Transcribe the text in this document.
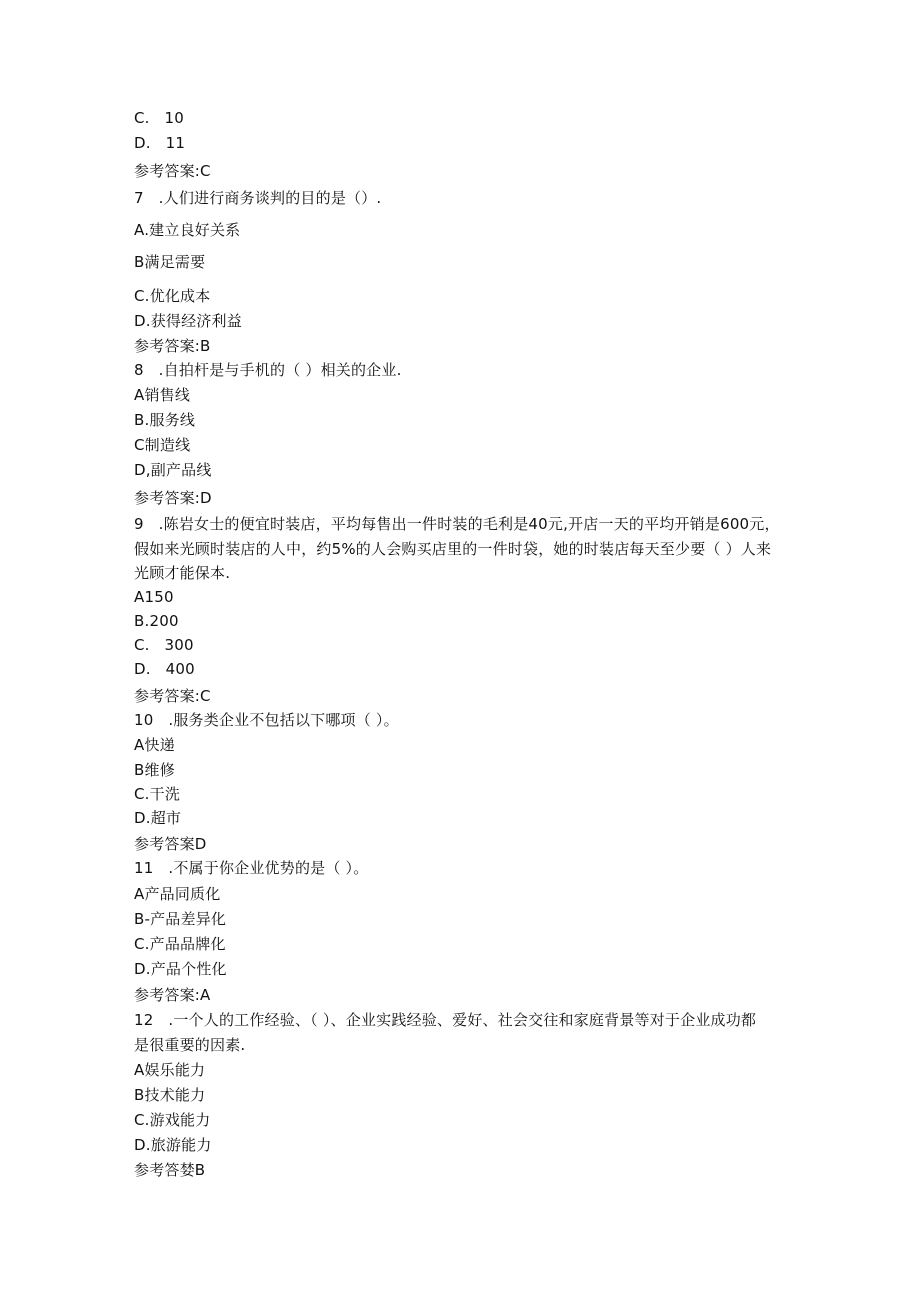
C.   10
D.   11
参考答案:C
7   .人们进行商务谈判的目的是（）.
A.建立良好关系
B满足需要
C.优化成本
D.获得经济利益
参考答案:B
8   .自拍杆是与手机的（ ）相关的企业.
A销售线
B.服务线
C制造线
D,副产品线
参考答案:D
9   .陈岩女士的便宜时装店，平均每售出一件时装的毛利是40元,开店一天的平均开销是600元，
假如来光顾时装店的人中，约5%的人会购买店里的一件时袋，她的时装店每天至少要（ ）人来
光顾才能保本.
A150
B.200
C.   300
D.   400
参考答案:C
10   .服务类企业不包括以下哪项（ ）。
A快递
B维修
C.干洗
D.超市
参考答案D
11   .不属于你企业优势的是（ ）。
A产品同质化
B-产品差异化
C.产品品牌化
D.产品个性化
参考答案:A
12   .一个人的工作经验、（ ）、企业实践经验、爱好、社会交往和家庭背景等对于企业成功都
是很重要的因素.
A娱乐能力
B技术能力
C.游戏能力
D.旅游能力
参考答婪B
